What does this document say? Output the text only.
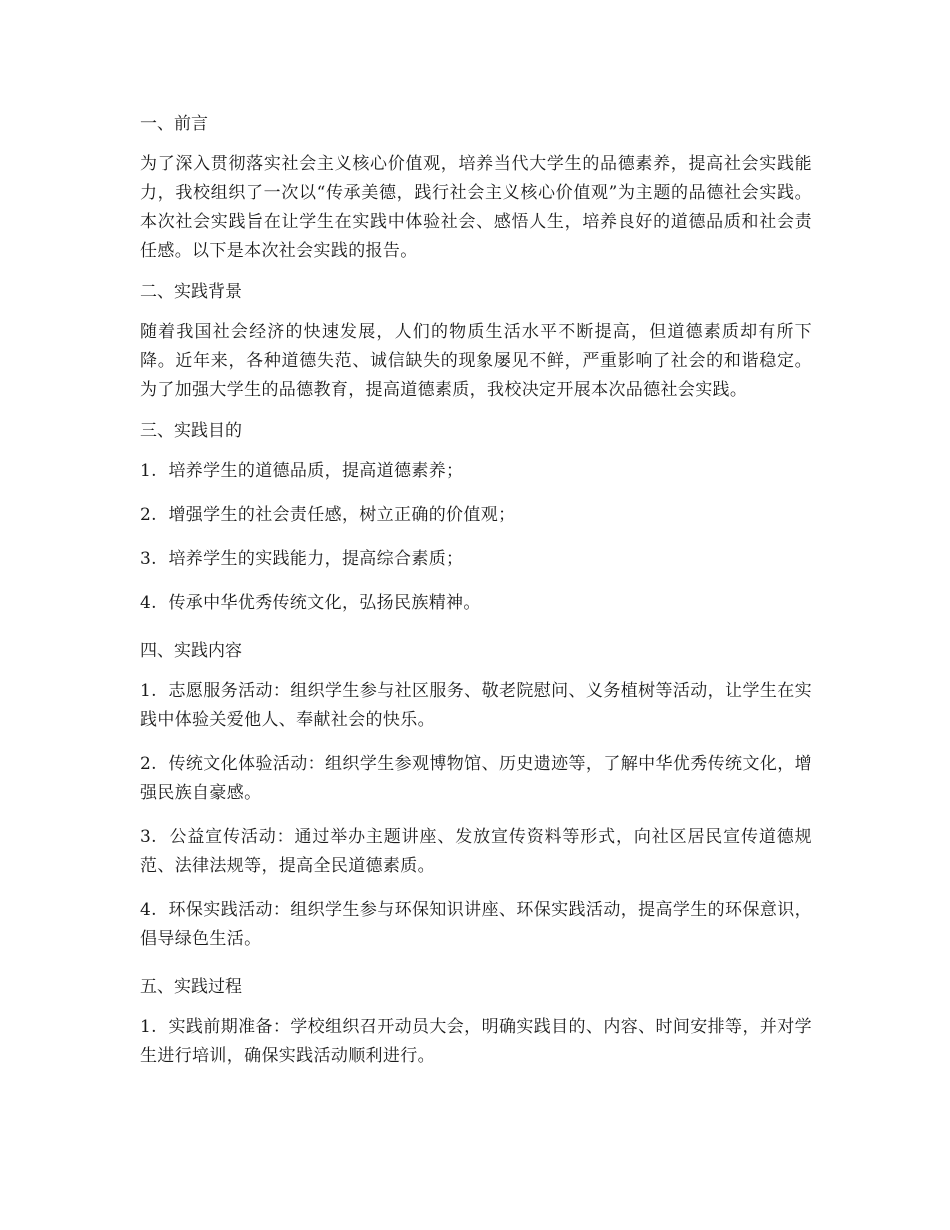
一、前言
为了深入贯彻落实社会主义核心价值观，培养当代大学生的品德素养，提高社会实践能力，我校组织了一次以“传承美德，践行社会主义核心价值观”为主题的品德社会实践。本次社会实践旨在让学生在实践中体验社会、感悟人生，培养良好的道德品质和社会责任感。以下是本次社会实践的报告。
二、实践背景
随着我国社会经济的快速发展，人们的物质生活水平不断提高，但道德素质却有所下降。近年来，各种道德失范、诚信缺失的现象屡见不鲜，严重影响了社会的和谐稳定。为了加强大学生的品德教育，提高道德素质，我校决定开展本次品德社会实践。
三、实践目的
1.  培养学生的道德品质，提高道德素养；
2.  增强学生的社会责任感，树立正确的价值观；
3.  培养学生的实践能力，提高综合素质；
4.  传承中华优秀传统文化，弘扬民族精神。
四、实践内容
1.  志愿服务活动：组织学生参与社区服务、敬老院慰问、义务植树等活动，让学生在实践中体验关爱他人、奉献社会的快乐。
2.  传统文化体验活动：组织学生参观博物馆、历史遗迹等，了解中华优秀传统文化，增强民族自豪感。
3.  公益宣传活动：通过举办主题讲座、发放宣传资料等形式，向社区居民宣传道德规范、法律法规等，提高全民道德素质。
4.  环保实践活动：组织学生参与环保知识讲座、环保实践活动，提高学生的环保意识，倡导绿色生活。
五、实践过程
1.  实践前期准备：学校组织召开动员大会，明确实践目的、内容、时间安排等，并对学生进行培训，确保实践活动顺利进行。
